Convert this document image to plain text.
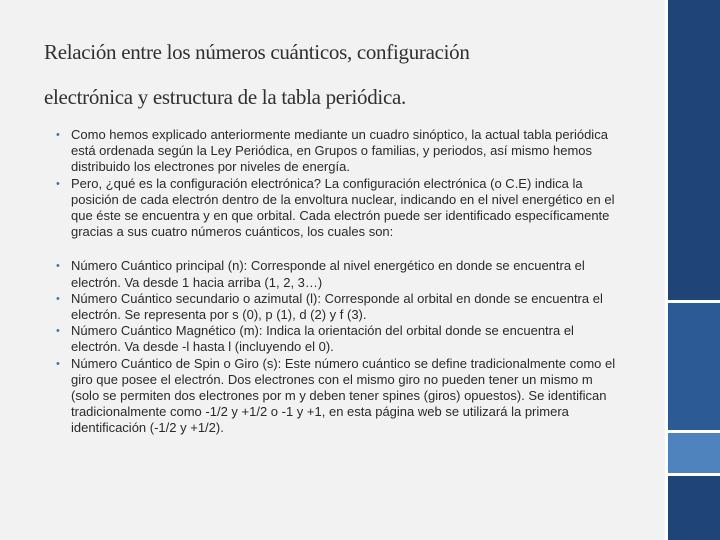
Relación entre los números cuánticos, configuración
electrónica y estructura de la tabla periódica.
• Como hemos explicado anteriormente mediante un cuadro sinóptico, la actual tabla periódica está ordenada según la Ley Periódica, en Grupos o familias, y periodos, así mismo hemos distribuido los electrones por niveles de energía.
• Pero, ¿qué es la configuración electrónica? La configuración electrónica (o C.E) indica la posición de cada electrón dentro de la envoltura nuclear, indicando en el nivel energético en el que éste se encuentra y en que orbital. Cada electrón puede ser identificado específicamente gracias a sus cuatro números cuánticos, los cuales son:
• Número Cuántico principal (n): Corresponde al nivel energético en donde se encuentra el electrón. Va desde 1 hacia arriba (1, 2, 3…)
• Número Cuántico secundario o azimutal (l): Corresponde al orbital en donde se encuentra el electrón. Se representa por s (0), p (1), d (2) y f (3).
• Número Cuántico Magnético (m): Indica la orientación del orbital donde se encuentra el electrón. Va desde -l hasta l (incluyendo el 0).
• Número Cuántico de Spin o Giro (s): Este número cuántico se define tradicionalmente como el giro que posee el electrón. Dos electrones con el mismo giro no pueden tener un mismo m (solo se permiten dos electrones por m y deben tener spines (giros) opuestos). Se identifican tradicionalmente como -1/2 y +1/2 o -1 y +1, en esta página web se utilizará la primera identificación (-1/2 y +1/2).
